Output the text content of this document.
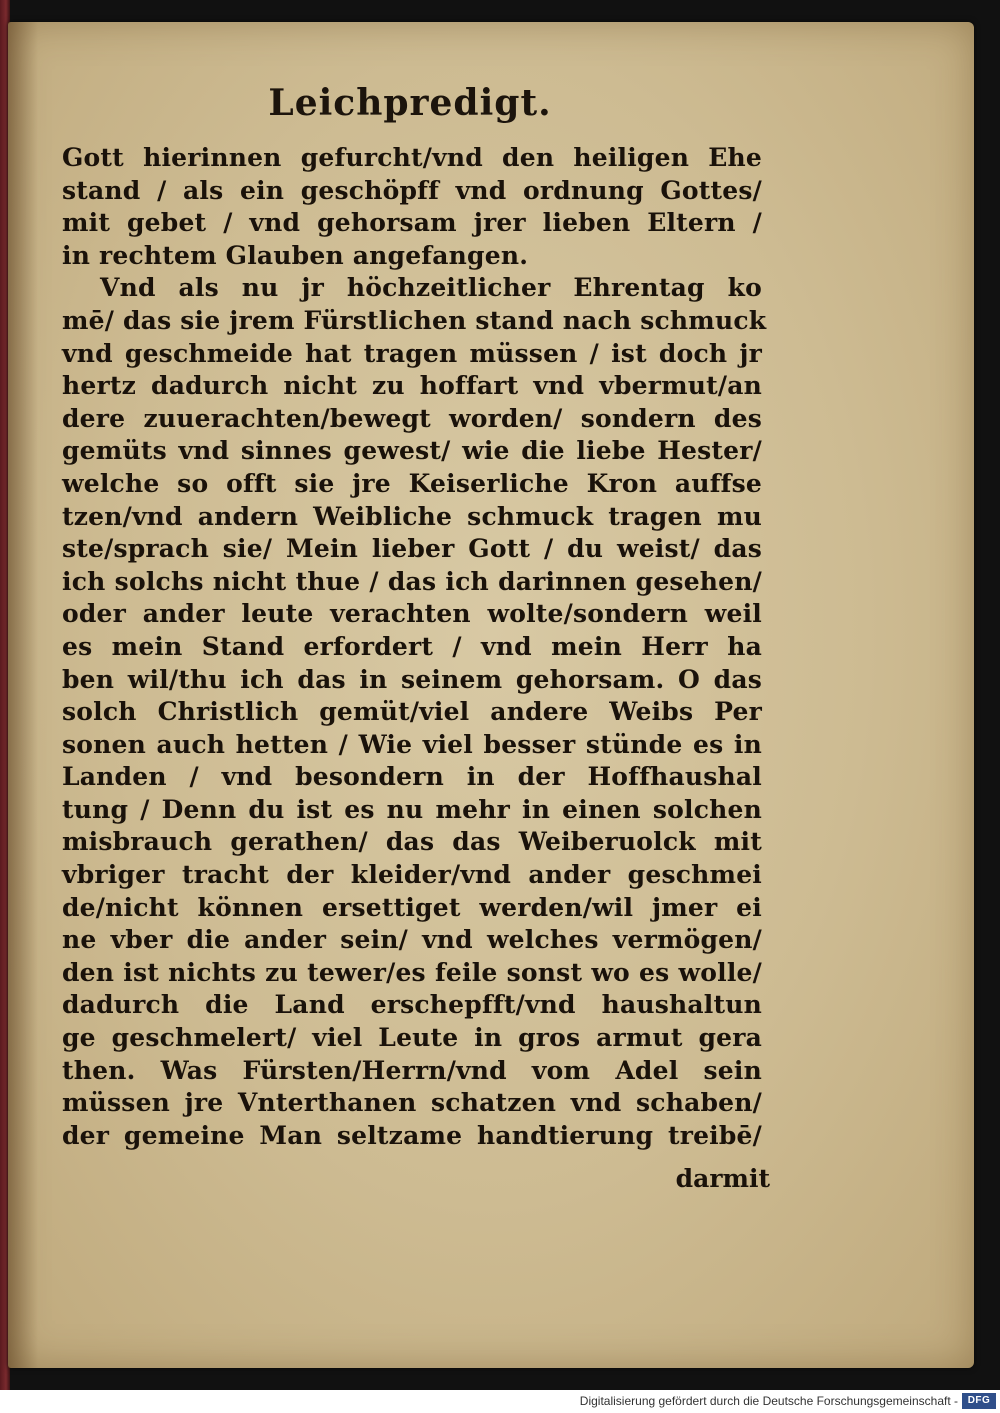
Leichpredigt.
Gott hierinnen gefurcht/vnd den heiligen Ehe
stand / als ein geschöpff vnd ordnung Gottes/
mit gebet / vnd gehorsam jrer lieben Eltern /
in rechtem Glauben angefangen.
Vnd als nu jr höchzeitlicher Ehrentag ko
mē/ das sie jrem Fürstlichen stand nach schmuck
vnd geschmeide hat tragen müssen / ist doch jr
hertz dadurch nicht zu hoffart vnd vbermut/an
dere zuuerachten/bewegt worden/ sondern des
gemüts vnd sinnes gewest/ wie die liebe Hester/
welche so offt sie jre Keiserliche Kron auffse
tzen/vnd andern Weibliche schmuck tragen mu
ste/sprach sie/ Mein lieber Gott / du weist/ das
ich solchs nicht thue / das ich darinnen gesehen/
oder ander leute verachten wolte/sondern weil
es mein Stand erfordert / vnd mein Herr ha
ben wil/thu ich das in seinem gehorsam. O das
solch Christlich gemüt/viel andere Weibs Per
sonen auch hetten / Wie viel besser stünde es in
Landen / vnd besondern in der Hoffhaushal
tung / Denn du ist es nu mehr in einen solchen
misbrauch gerathen/ das das Weiberuolck mit
vbriger tracht der kleider/vnd ander geschmei
de/nicht können ersettiget werden/wil jmer ei
ne vber die ander sein/ vnd welches vermögen/
den ist nichts zu tewer/es feile sonst wo es wolle/
dadurch die Land erschepfft/vnd haushaltun
ge geschmelert/ viel Leute in gros armut gera
then. Was Fürsten/Herrn/vnd vom Adel sein
müssen jre Vnterthanen schatzen vnd schaben/
der gemeine Man seltzame handtierung treibē/
darmit
Digitalisierung gefördert durch die Deutsche Forschungsgemeinschaft - DFG
